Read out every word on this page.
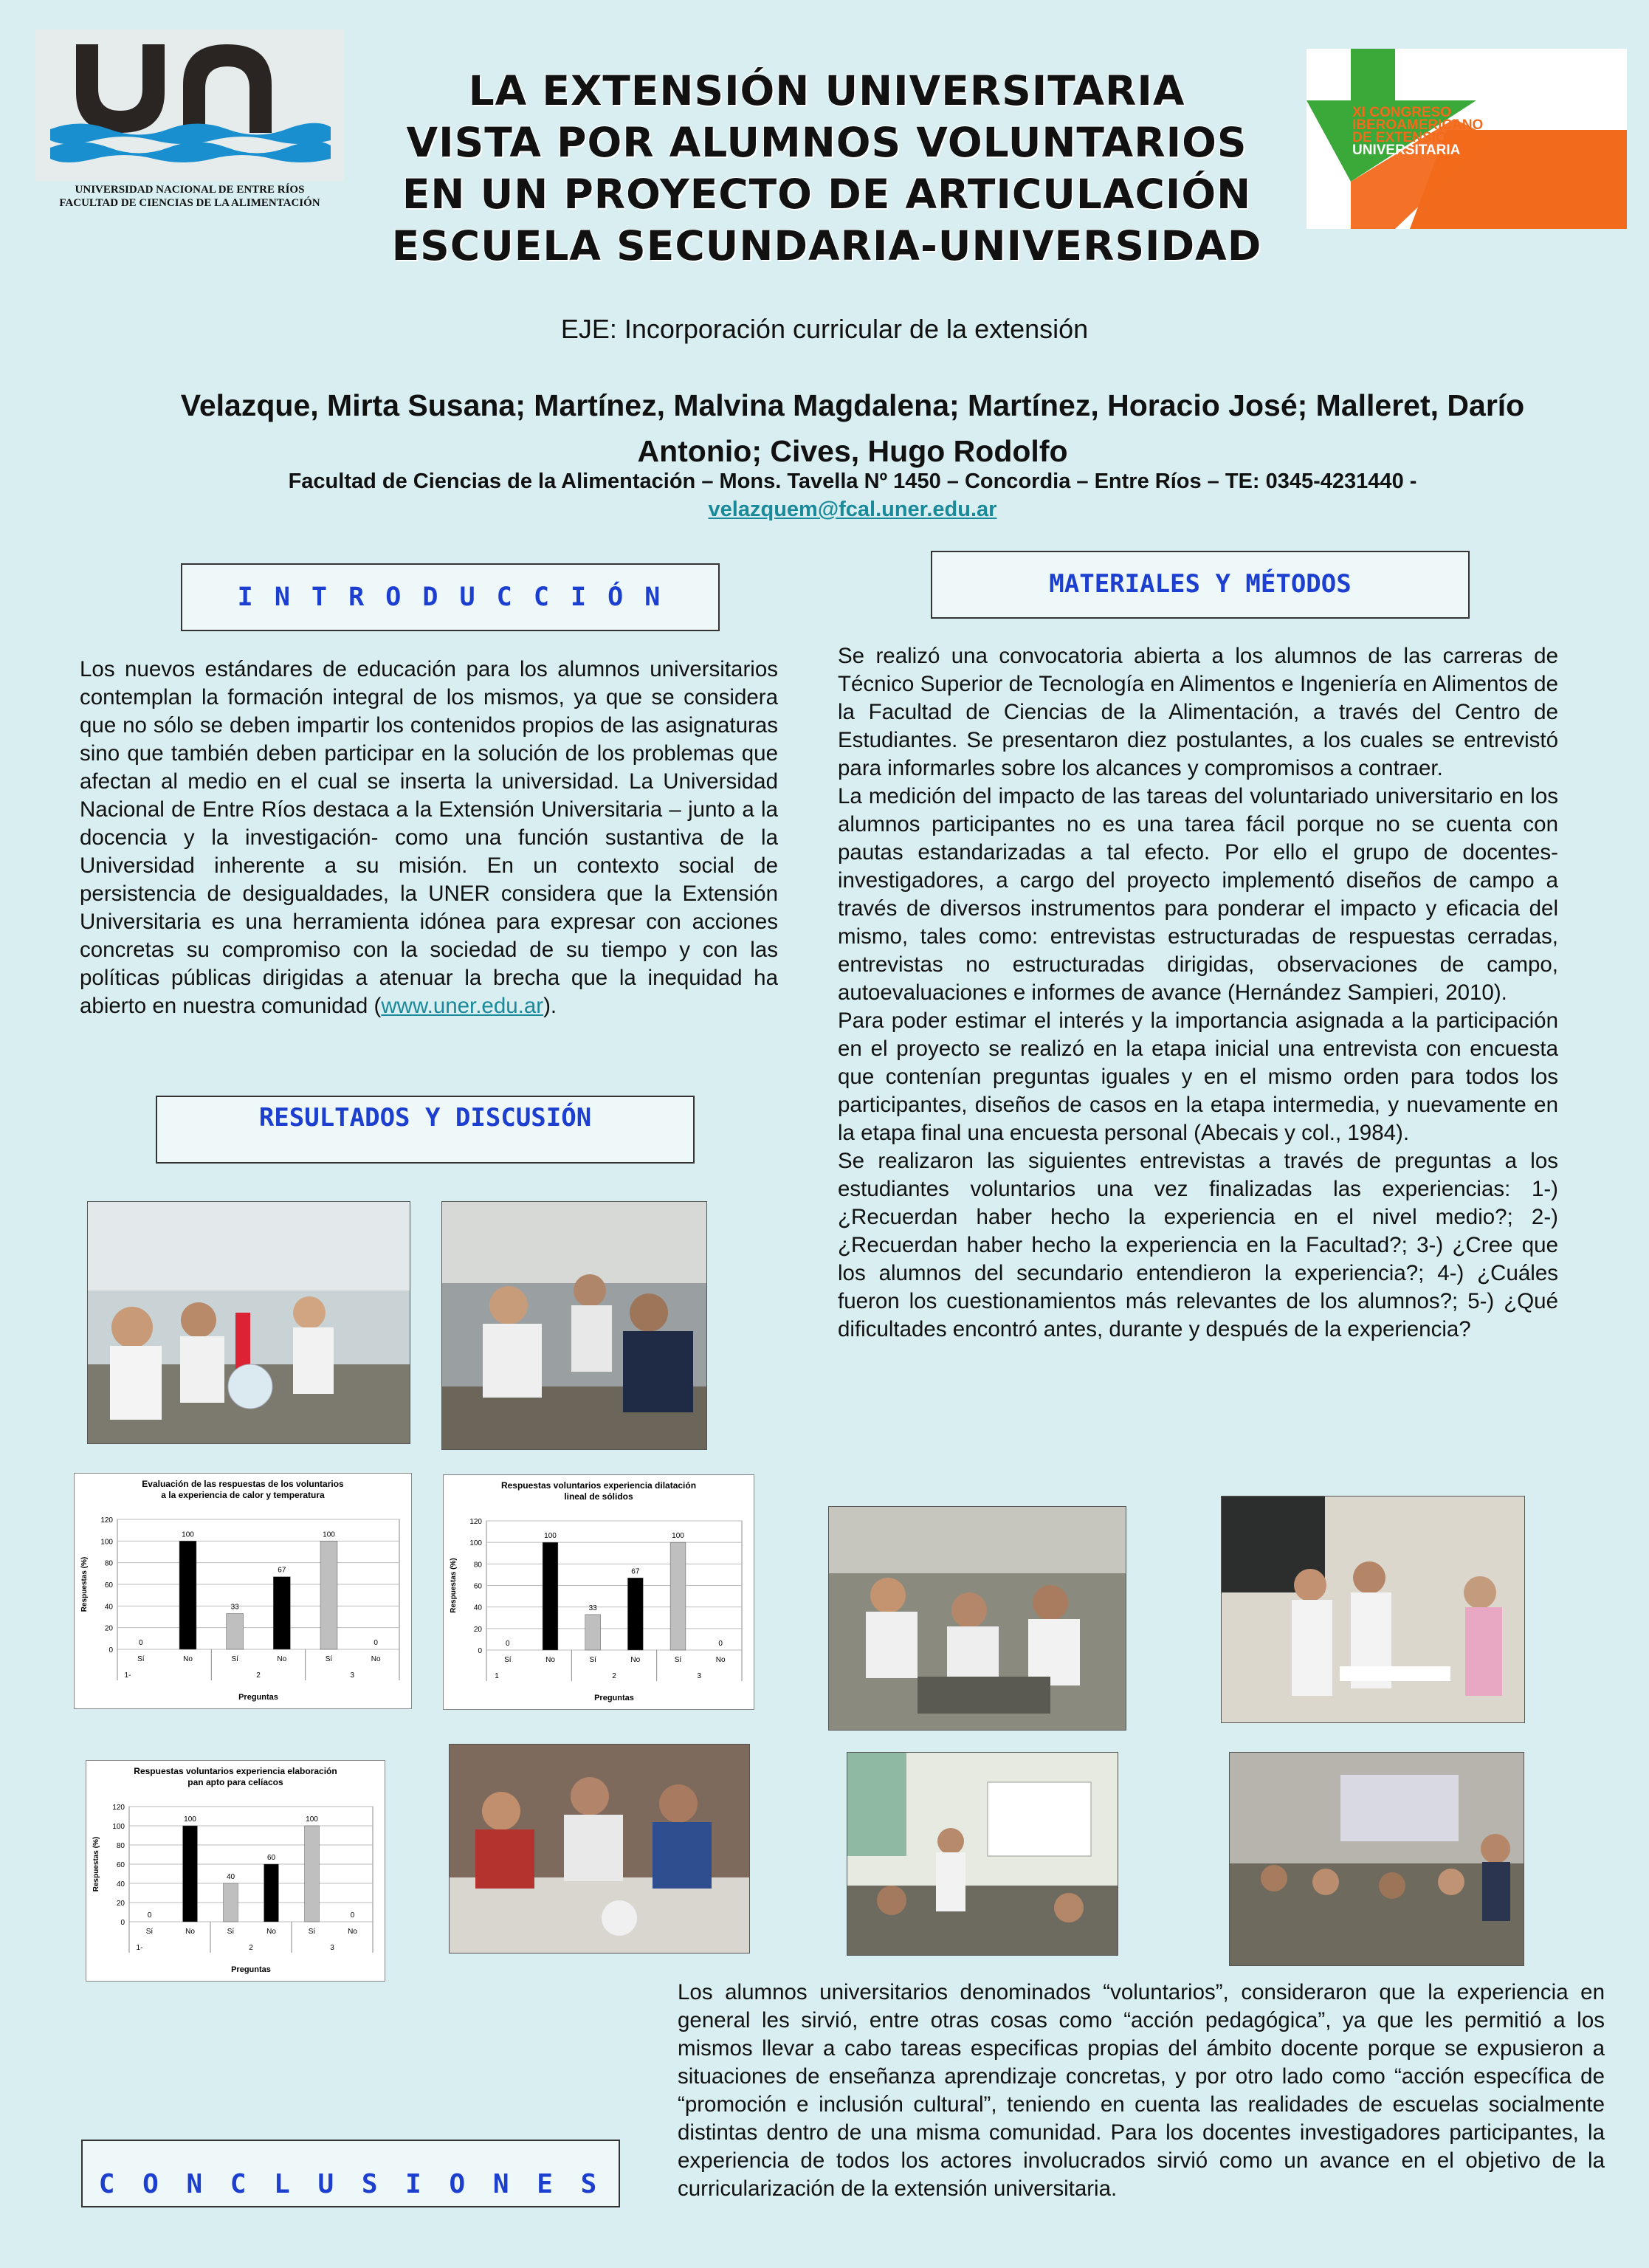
UNIVERSIDAD NACIONAL DE ENTRE RÍOS
FACULTAD DE CIENCIAS DE LA ALIMENTACIÓN
LA EXTENSIÓN UNIVERSITARIA
VISTA POR ALUMNOS VOLUNTARIOS
EN UN PROYECTO DE ARTICULACIÓN
ESCUELA SECUNDARIA-UNIVERSIDAD
XI CONGRESO
IBEROAMERICANO
DE EXTENSIÓN
UNIVERSITARIA
EJE: Incorporación curricular de la extensión
Velazque, Mirta Susana; Martínez, Malvina Magdalena; Martínez, Horacio José; Malleret, Darío
Antonio; Cives, Hugo Rodolfo
Facultad de Ciencias de la Alimentación – Mons. Tavella Nº 1450 – Concordia – Entre Ríos – TE: 0345-4231440 -
velazquem@fcal.uner.edu.ar
I N T R O D U C C I Ó N	MATERIALES Y MÉTODOS
RESULTADOS Y DISCUSIÓN
C O N C L U S I O N E S
Los nuevos estándares de educación para los alumnos universitarios contemplan la formación integral de los mismos, ya que se considera que no sólo se deben impartir los contenidos propios de las asignaturas sino que también deben participar en la solución de los problemas que afectan al medio en el cual se inserta la universidad. La Universidad Nacional de Entre Ríos destaca a la Extensión Universitaria – junto a la docencia y la investigación- como una función sustantiva de la Universidad inherente a su misión. En un contexto social de persistencia de desigualdades, la UNER considera que la Extensión Universitaria es una herramienta idónea para expresar con acciones concretas su compromiso con la sociedad de su tiempo y con las políticas públicas dirigidas a atenuar la brecha que la inequidad ha abierto en nuestra comunidad (www.uner.edu.ar).
Se realizó una convocatoria abierta a los alumnos de las carreras de Técnico Superior de Tecnología en Alimentos e Ingeniería en Alimentos de la Facultad de Ciencias de la Alimentación, a través del Centro de Estudiantes. Se presentaron diez postulantes, a los cuales se entrevistó para informarles sobre los alcances y compromisos a contraer.
La medición del impacto de las tareas del voluntariado universitario en los alumnos participantes no es una tarea fácil porque no se cuenta con pautas estandarizadas a tal efecto. Por ello el grupo de docentes-investigadores, a cargo del proyecto implementó diseños de campo a través de diversos instrumentos para ponderar el impacto y eficacia del mismo, tales como: entrevistas estructuradas de respuestas cerradas, entrevistas no estructuradas dirigidas, observaciones de campo, autoevaluaciones e informes de avance (Hernández Sampieri, 2010).
Para poder estimar el interés y la importancia asignada a la participación en el proyecto se realizó en la etapa inicial una entrevista con encuesta que contenían preguntas iguales y en el mismo orden para todos los participantes, diseños de casos en la etapa intermedia, y nuevamente en la etapa final una encuesta personal (Abecais y col., 1984).
Se realizaron las siguientes entrevistas a través de preguntas a los estudiantes voluntarios una vez finalizadas las experiencias: 1-) ¿Recuerdan haber hecho la experiencia en el nivel medio?; 2-) ¿Recuerdan haber hecho la experiencia en la Facultad?; 3-) ¿Cree que los alumnos del secundario entendieron la experiencia?; 4-) ¿Cuáles fueron los cuestionamientos más relevantes de los alumnos?; 5-) ¿Qué dificultades encontró antes, durante y después de la experiencia?
Evaluación de las respuestas de los voluntarios
a la experiencia de calor y temperatura
0
20
40
60
80
100
120
Respuestas (%)
0
Sí
100
No
33
Sí
67
No
100
Sí
0
No
1-	2	3
Preguntas
Respuestas voluntarios experiencia dilatación
lineal de sólidos
0
20
40
60
80
100
120
Respuestas (%)
0
Sí
100
No
33
Sí
67
No
100
Sí
0
No
1	2	3
Preguntas
Respuestas voluntarios experiencia elaboración
pan apto para celíacos
0
20
40
60
80
100
120
Respuestas (%)
0
Sí
100
No
40
Sí
60
No
100
Sí
0
No
1-	2	3
Preguntas
Los alumnos universitarios denominados “voluntarios”, consideraron que la experiencia en general les sirvió, entre otras cosas como “acción pedagógica”, ya que les permitió a los mismos llevar a cabo tareas especificas propias del ámbito docente porque se expusieron a situaciones de enseñanza aprendizaje concretas, y por otro lado como “acción específica de “promoción e inclusión cultural”, teniendo en cuenta las realidades de escuelas socialmente distintas dentro de una misma comunidad. Para los docentes investigadores participantes, la experiencia de todos los actores involucrados sirvió como un avance en el objetivo de la curricularización de la extensión universitaria.
